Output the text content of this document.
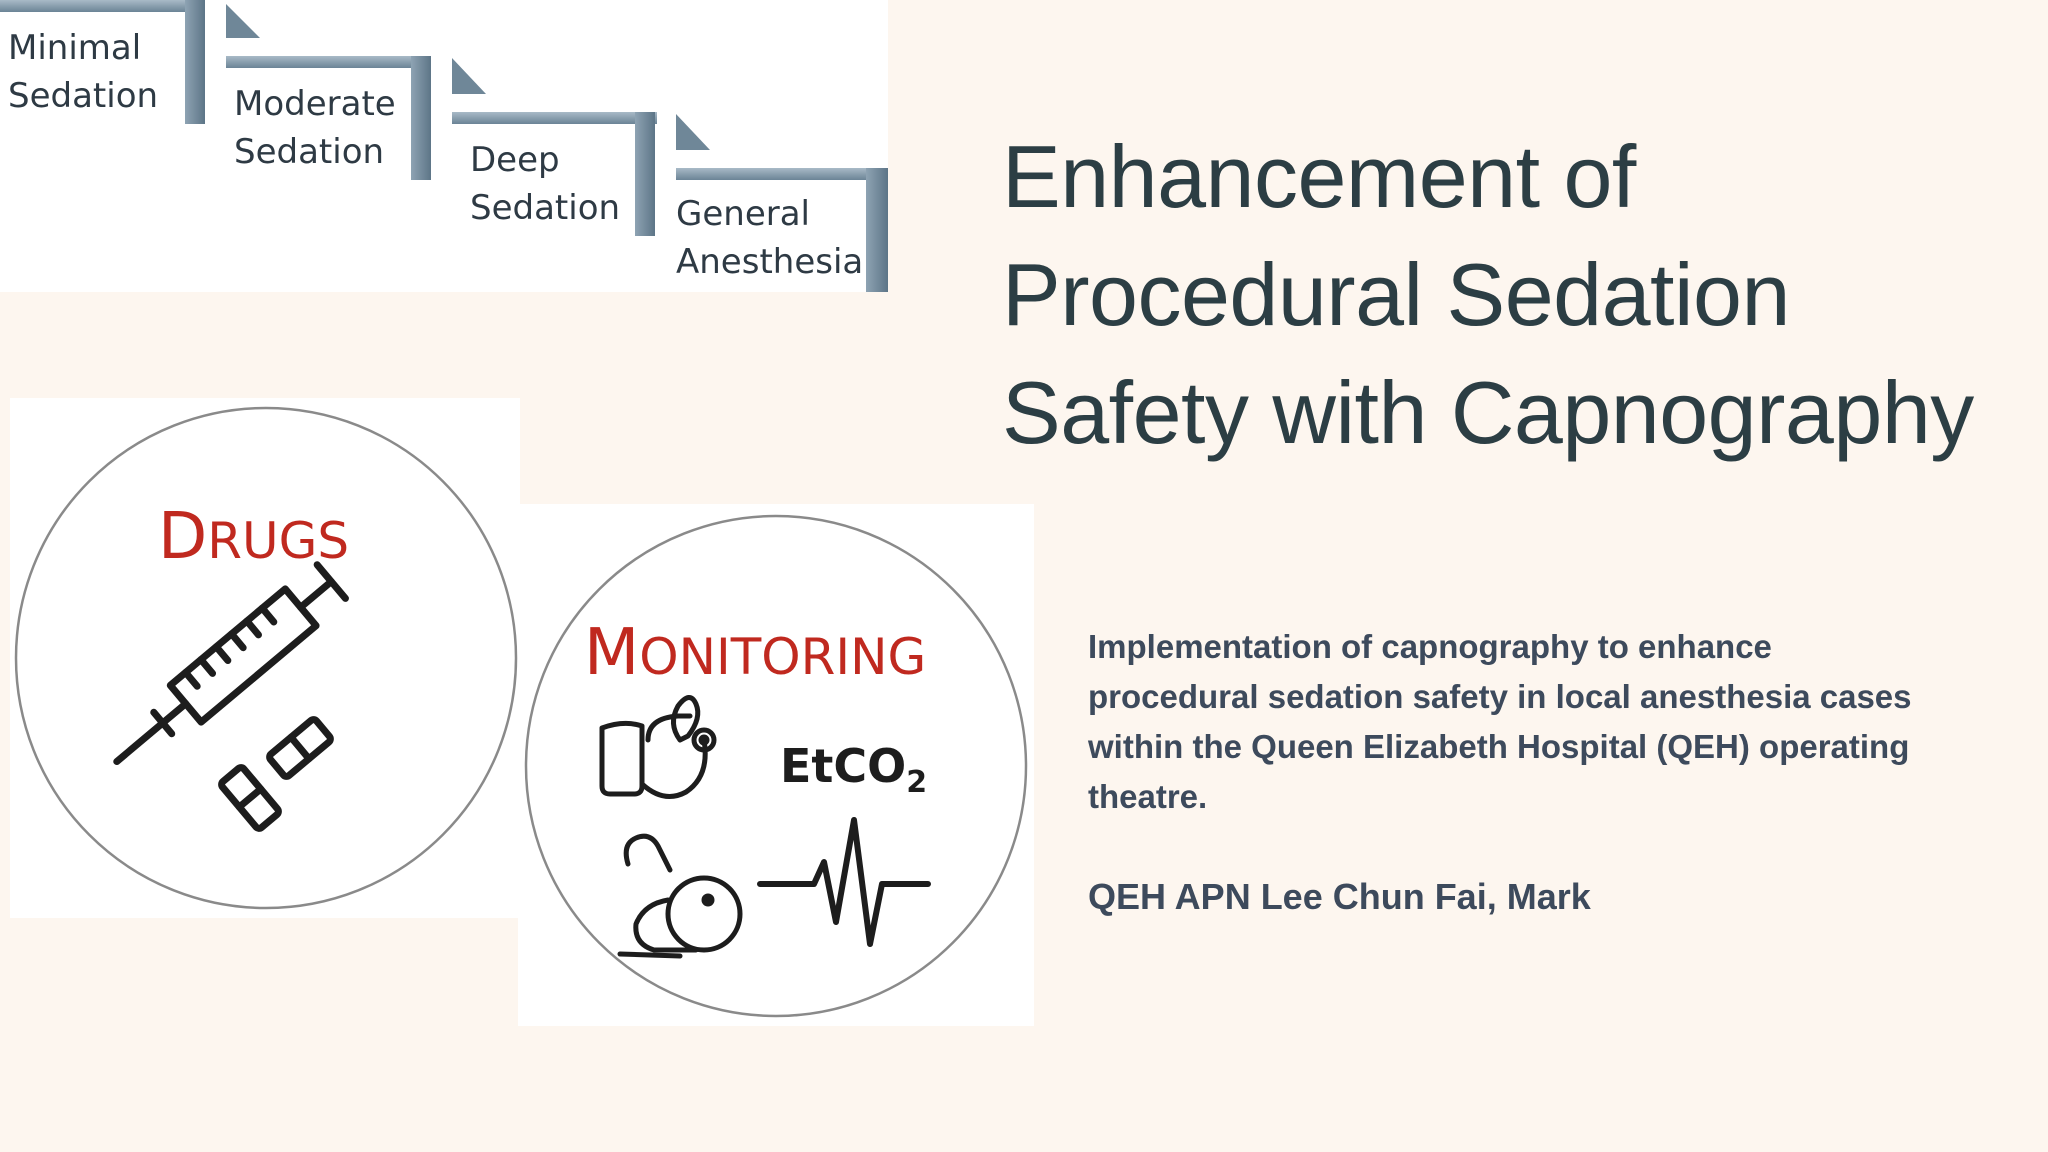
Minimal
Sedation Moderate
Sedation	Deep
Sedation General
Anesthesia
Enhancement of
Procedural Sedation
Safety with Capnography
DRUGS
MONITORING
EtCO2
Implementation of capnography to enhance procedural sedation safety in local anesthesia cases within the Queen Elizabeth Hospital (QEH) operating theatre.
QEH APN Lee Chun Fai, Mark
